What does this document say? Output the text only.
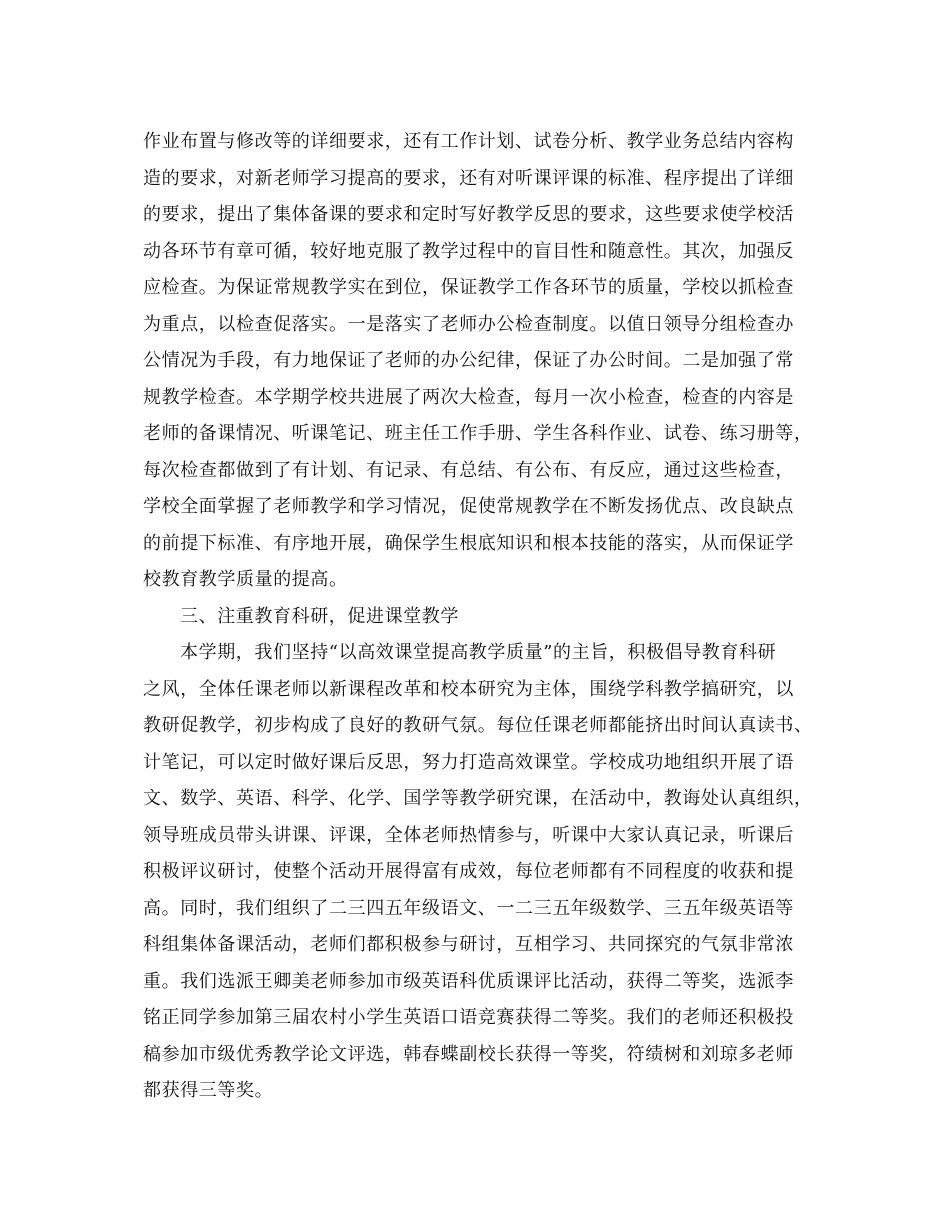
作业布置与修改等的详细要求，还有工作计划、试卷分析、教学业务总结内容构
造的要求，对新老师学习提高的要求，还有对听课评课的标准、程序提出了详细
的要求，提出了集体备课的要求和定时写好教学反思的要求，这些要求使学校活
动各环节有章可循，较好地克服了教学过程中的盲目性和随意性。其次，加强反
应检查。为保证常规教学实在到位，保证教学工作各环节的质量，学校以抓检查
为重点，以检查促落实。一是落实了老师办公检查制度。以值日领导分组检查办
公情况为手段，有力地保证了老师的办公纪律，保证了办公时间。二是加强了常
规教学检查。本学期学校共进展了两次大检查，每月一次小检查，检查的内容是
老师的备课情况、听课笔记、班主任工作手册、学生各科作业、试卷、练习册等，
每次检查都做到了有计划、有记录、有总结、有公布、有反应，通过这些检查，
学校全面掌握了老师教学和学习情况，促使常规教学在不断发扬优点、改良缺点
的前提下标准、有序地开展，确保学生根底知识和根本技能的落实，从而保证学
校教育教学质量的提高。
三、注重教育科研，促进课堂教学
本学期，我们坚持“以高效课堂提高教学质量”的主旨，积极倡导教育科研
之风，全体任课老师以新课程改革和校本研究为主体，围绕学科教学搞研究，以
教研促教学，初步构成了良好的教研气氛。每位任课老师都能挤出时间认真读书、
计笔记，可以定时做好课后反思，努力打造高效课堂。学校成功地组织开展了语
文、数学、英语、科学、化学、国学等教学研究课，在活动中，教诲处认真组织，
领导班成员带头讲课、评课，全体老师热情参与，听课中大家认真记录，听课后
积极评议研讨，使整个活动开展得富有成效，每位老师都有不同程度的收获和提
高。同时，我们组织了二三四五年级语文、一二三五年级数学、三五年级英语等
科组集体备课活动，老师们都积极参与研讨，互相学习、共同探究的气氛非常浓
重。我们选派王卿美老师参加市级英语科优质课评比活动，获得二等奖，选派李
铭正同学参加第三届农村小学生英语口语竞赛获得二等奖。我们的老师还积极投
稿参加市级优秀教学论文评选，韩春蝶副校长获得一等奖，符绩树和刘琼多老师
都获得三等奖。
